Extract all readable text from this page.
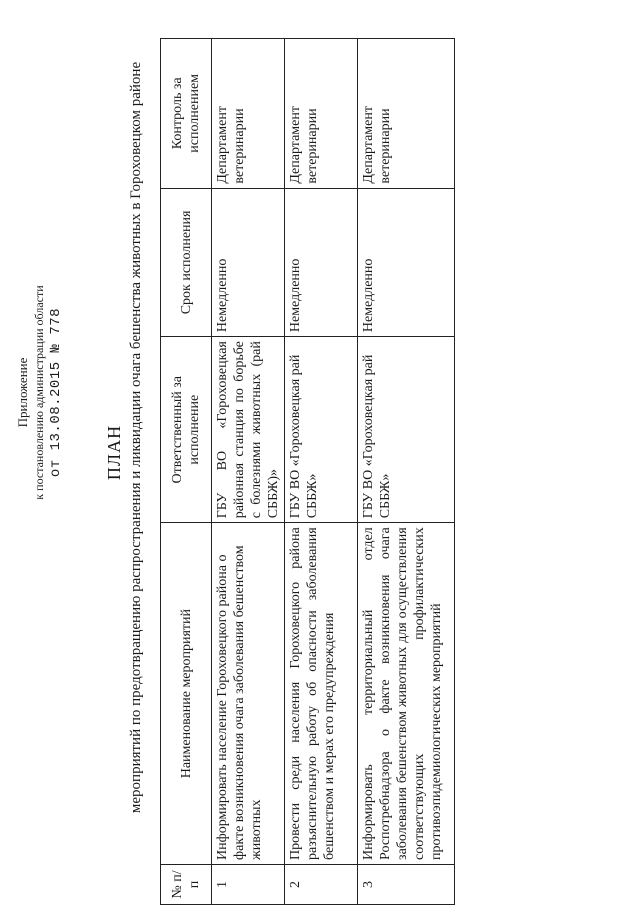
Приложение к постановлению администрации области от 13.08.2015 № 778 ПЛАН мероприятий по предотвращению распространения и ликвидации очага бешенства животных в Гороховецком районе
№ п/п	Наименование мероприятий	Ответственный за исполнение	Срок исполнения	Контроль за исполнением
1	Информировать население Гороховецкого района о факте возникновения очага заболевания бешенством животных	ГБУ ВО «Гороховецкая районная станция по борьбе с болезнями животных (рай СББЖ)»	Немедленно	Департамент ветеринарии
2	Провести среди населения Гороховецкого района разъяснительную работу об опасности заболевания бешенством и мерах его предупреждения	ГБУ ВО «Гороховецкая рай СББЖ»	Немедленно	Департамент ветеринарии
3	Информировать территориальный отдел Роспотребнадзора о факте возникновения очага заболевания бешенством животных для осуществления соответствующих профилактических противоэпидемиологических мероприятий	ГБУ ВО «Гороховецкая рай СББЖ»	Немедленно	Департамент ветеринарии
